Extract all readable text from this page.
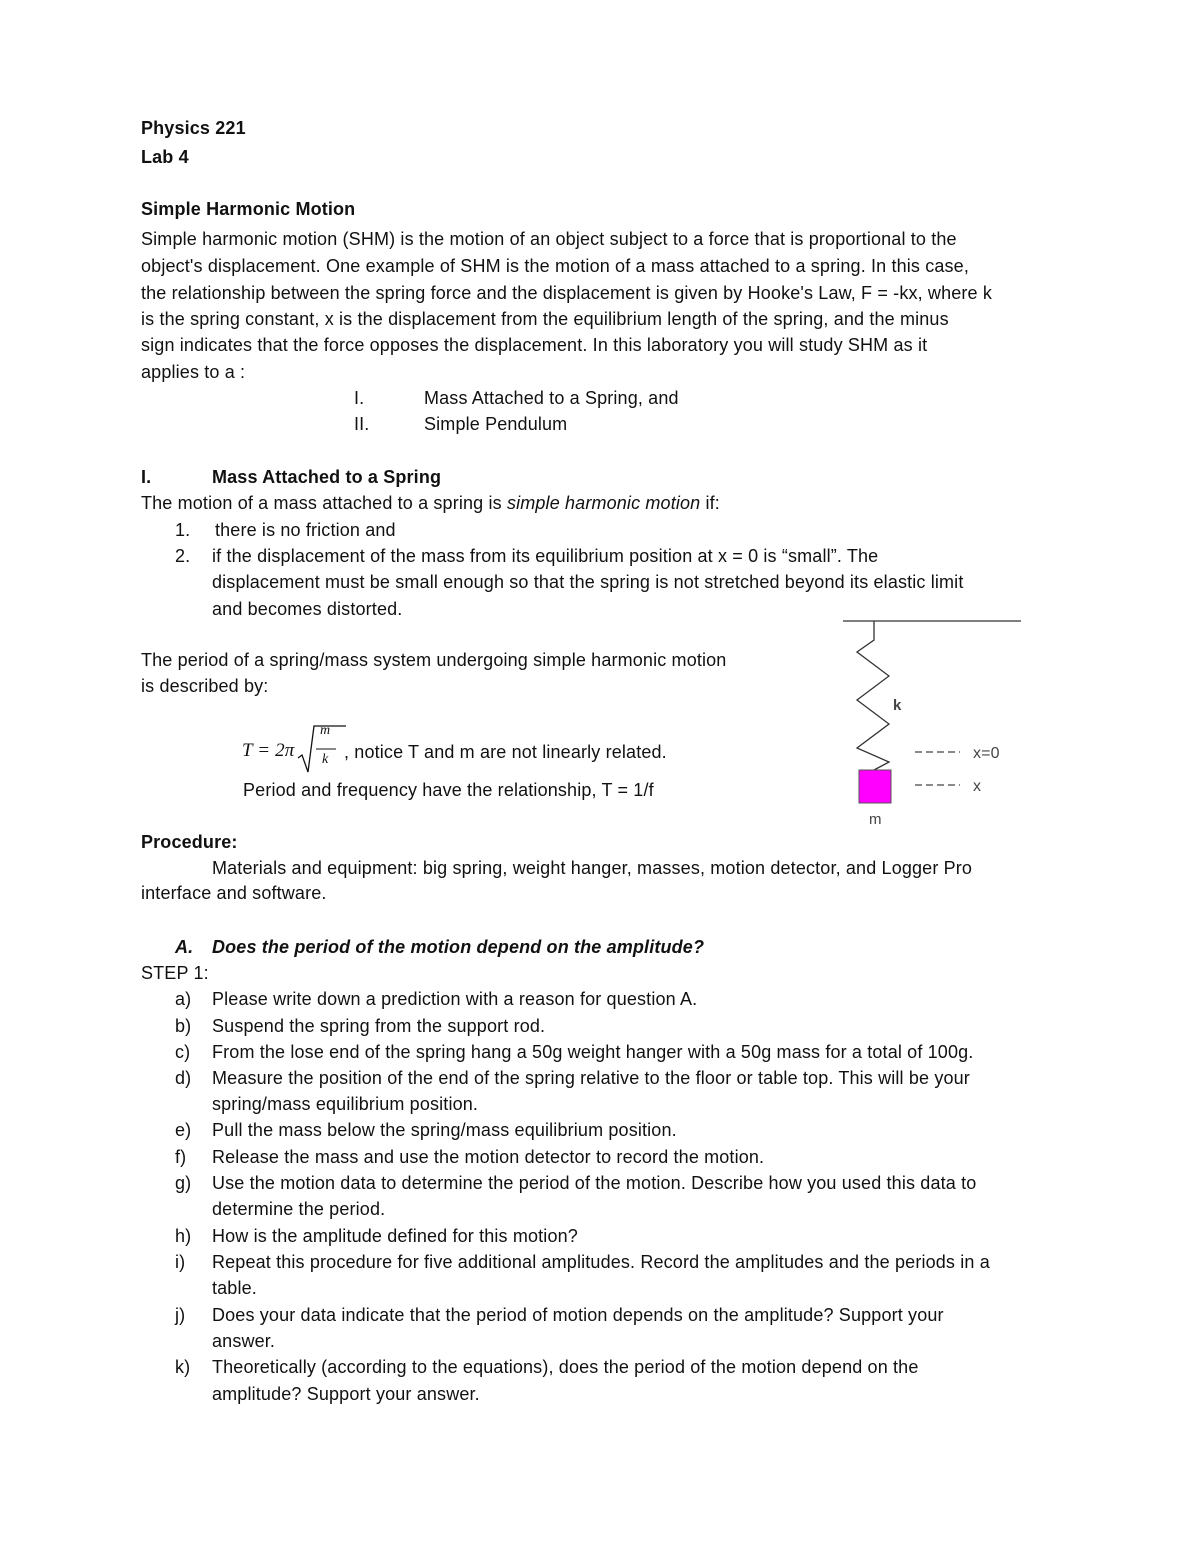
Physics 221
Lab 4
Simple Harmonic Motion
Simple harmonic motion (SHM) is the motion of an object subject to a force that is proportional to the
object's displacement. One example of SHM is the motion of a mass attached to a spring. In this case,
the relationship between the spring force and the displacement is given by Hooke's Law, F = -kx, where k
is the spring constant, x is the displacement from the equilibrium length of the spring, and the minus
sign indicates that the force opposes the displacement. In this laboratory you will study SHM as it
applies to a :
I.	Mass Attached to a Spring, and
II.	Simple Pendulum
I.	Mass Attached to a Spring
The motion of a mass attached to a spring is simple harmonic motion if:
1. there is no friction and
2. if the displacement of the mass from its equilibrium position at x = 0 is “small”. The
displacement must be small enough so that the spring is not stretched beyond its elastic limit
and becomes distorted.
The period of a spring/mass system undergoing simple harmonic motion
is described by:
T = 2π
m
k , notice T and m are not linearly related.
Period and frequency have the relationship, T = 1/f
k
x=0
x
m
Procedure:
Materials and equipment: big spring, weight hanger, masses, motion detector, and Logger Pro
interface and software.
A. Does the period of the motion depend on the amplitude?
STEP 1:
a) Please write down a prediction with a reason for question A.
b) Suspend the spring from the support rod.
c) From the lose end of the spring hang a 50g weight hanger with a 50g mass for a total of 100g.
d) Measure the position of the end of the spring relative to the floor or table top. This will be your
spring/mass equilibrium position.
e) Pull the mass below the spring/mass equilibrium position.
f) Release the mass and use the motion detector to record the motion.
g) Use the motion data to determine the period of the motion. Describe how you used this data to
determine the period.
h) How is the amplitude defined for this motion?
i) Repeat this procedure for five additional amplitudes. Record the amplitudes and the periods in a
table.
j) Does your data indicate that the period of motion depends on the amplitude? Support your
answer.
k) Theoretically (according to the equations), does the period of the motion depend on the
amplitude? Support your answer.
